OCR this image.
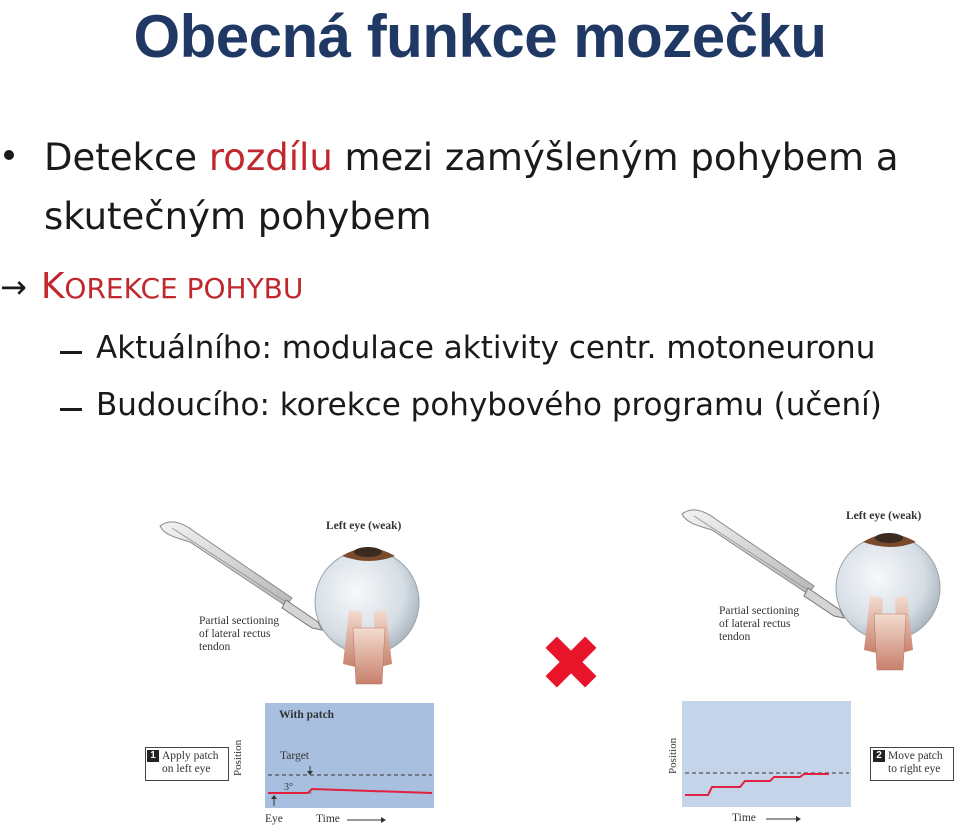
Obecná funkce mozečku
Detekce rozdílu mezi zamýšleným pohybem a
skutečným pohybem
→ KOREKCE POHYBU
Aktuálního: modulace aktivity centr. motoneuronu
Budoucího: korekce pohybového programu (učení)
Left eye (weak)
Partial sectioning
of lateral rectus
tendon
1 Apply patch
on left eye
With patch
Target
3°
Position
Eye	Time
Left eye (weak)
Partial sectioning
of lateral rectus
tendon
Position
Time
2 Move patch
to right eye
